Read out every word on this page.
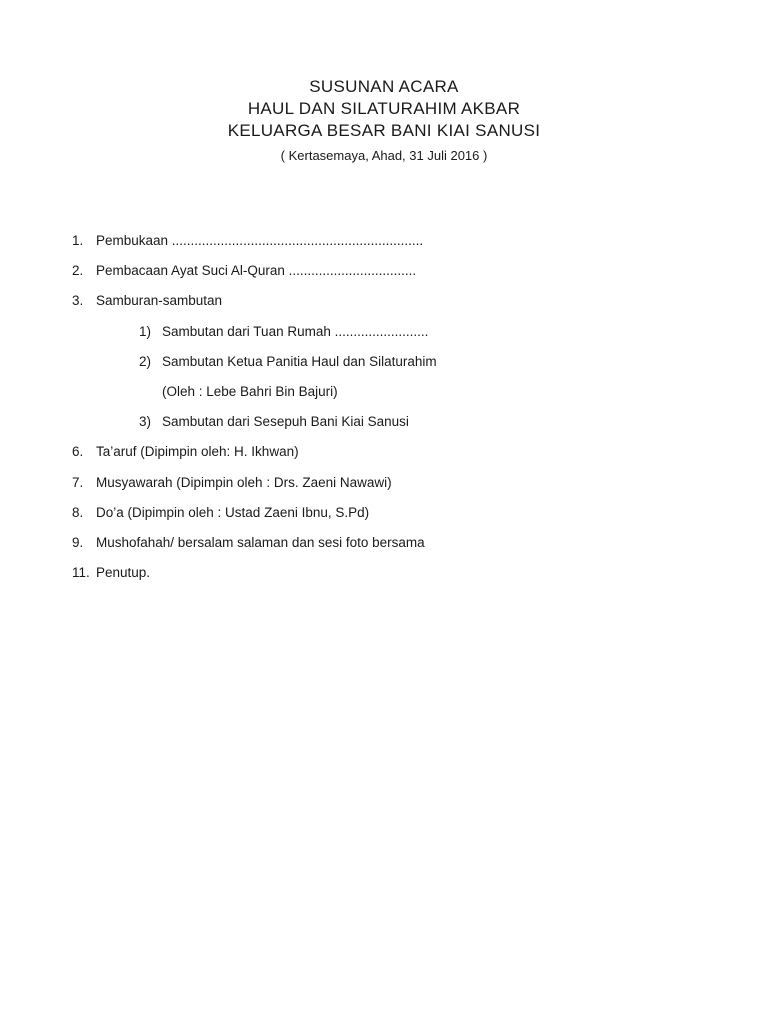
SUSUNAN ACARA

HAUL DAN SILATURAHIM AKBAR

KELUARGA BESAR BANI KIAI SANUSI

( Kertasemaya, Ahad, 31 Juli 2016 )
1. Pembukaan ...................................................................
2. Pembacaan Ayat Suci Al-Quran ..................................
3. Samburan-sambutan
1) Sambutan dari Tuan Rumah .........................
2) Sambutan Ketua Panitia Haul dan Silaturahim
(Oleh : Lebe Bahri Bin Bajuri)
3) Sambutan dari Sesepuh Bani Kiai Sanusi
6. Ta’aruf (Dipimpin oleh: H. Ikhwan)
7. Musyawarah (Dipimpin oleh : Drs. Zaeni Nawawi)
8. Do’a (Dipimpin oleh : Ustad Zaeni Ibnu, S.Pd)
9. Mushofahah/ bersalam salaman dan sesi foto bersama
11. Penutup.
